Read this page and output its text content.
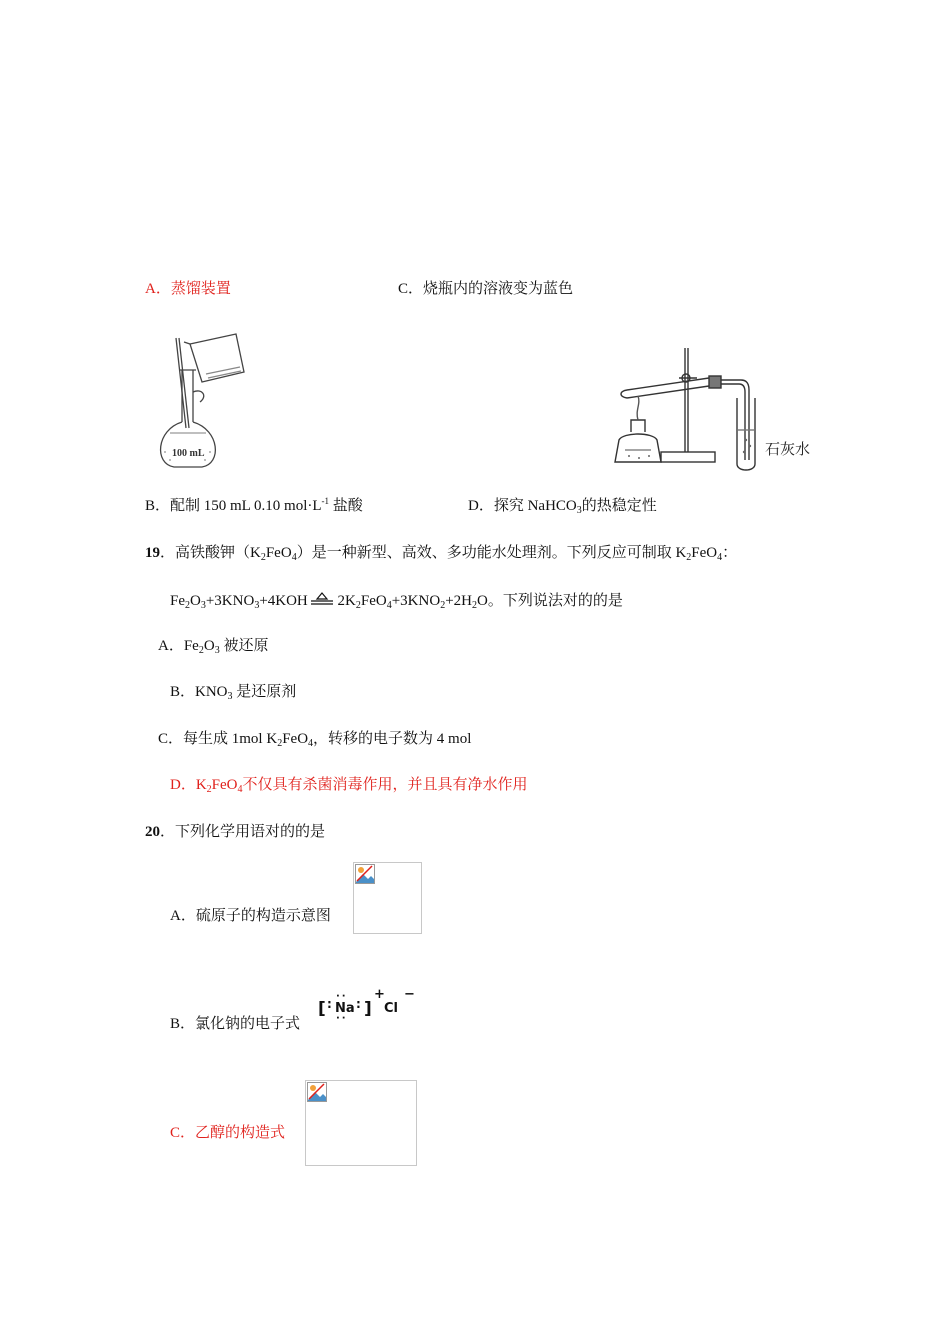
A．蒸馏装置	C．烧瓶内的溶液变为蓝色
100 mL	石灰水
B．配制 150 mL 0.10 $mol\cdot L^{-1}$ 盐酸	D．探究 NaHCO$_3$的热稳定性
19．高铁酸钾$(K_2FeO_4)$是一种新型、高效、多功能水处理剂。下列反应可制取 $K_2FeO_4$：
$Fe_2O_3+3KNO_3+4KOH$ $2K_2FeO_4+3KNO_2+2H_2O$。下列说法对的的是
A．$Fe_2O_3$ 被还原
B．$KNO_3$ 是还原剂
C．每生成 1mol $K_2FeO_4$，转移的电子数为 4 mol
D．$K_2FeO_4$不仅具有杀菌消毒作用，并且具有净水作用
20．下列化学用语对的的是
A．硫原子的构造示意图
B．氯化钠的电子式
[ : Na
··
··
: ]
+
Cl
−
C．乙醇的构造式
